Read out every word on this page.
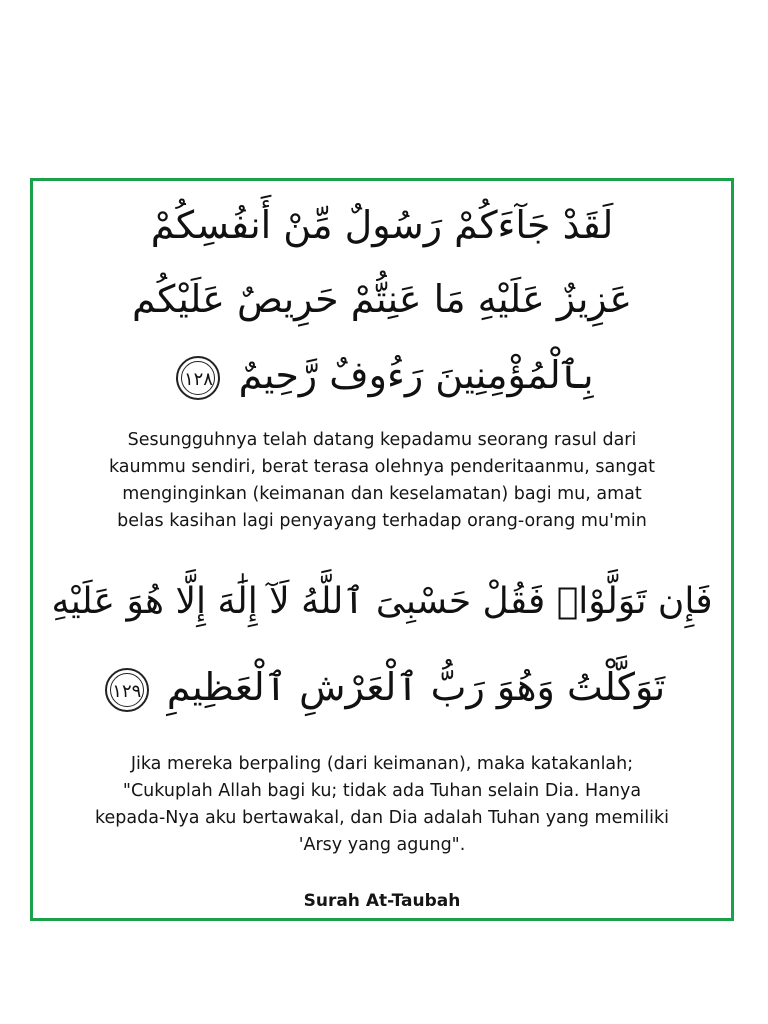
لَقَدْ جَآءَكُمْ رَسُولٌ مِّنْ أَنفُسِكُمْ
عَزِيزٌ عَلَيْهِ مَا عَنِتُّمْ حَرِيصٌ عَلَيْكُم
بِٱلْمُؤْمِنِينَ رَءُوفٌ رَّحِيمٌ ١٢٨
Sesungguhnya telah datang kepadamu seorang rasul dari
kaummu sendiri, berat terasa olehnya penderitaanmu, sangat
menginginkan (keimanan dan keselamatan) bagi mu, amat
belas kasihan lagi penyayang terhadap orang-orang mu'min
فَإِن تَوَلَّوْا۟ فَقُلْ حَسْبِىَ ٱللَّهُ لَآ إِلَٰهَ إِلَّا هُوَ عَلَيْهِ
تَوَكَّلْتُ وَهُوَ رَبُّ ٱلْعَرْشِ ٱلْعَظِيمِ ١٢٩
Jika mereka berpaling (dari keimanan), maka katakanlah;
"Cukuplah Allah bagi ku; tidak ada Tuhan selain Dia. Hanya
kepada-Nya aku bertawakal, dan Dia adalah Tuhan yang memiliki
'Arsy yang agung".
Surah At-Taubah
